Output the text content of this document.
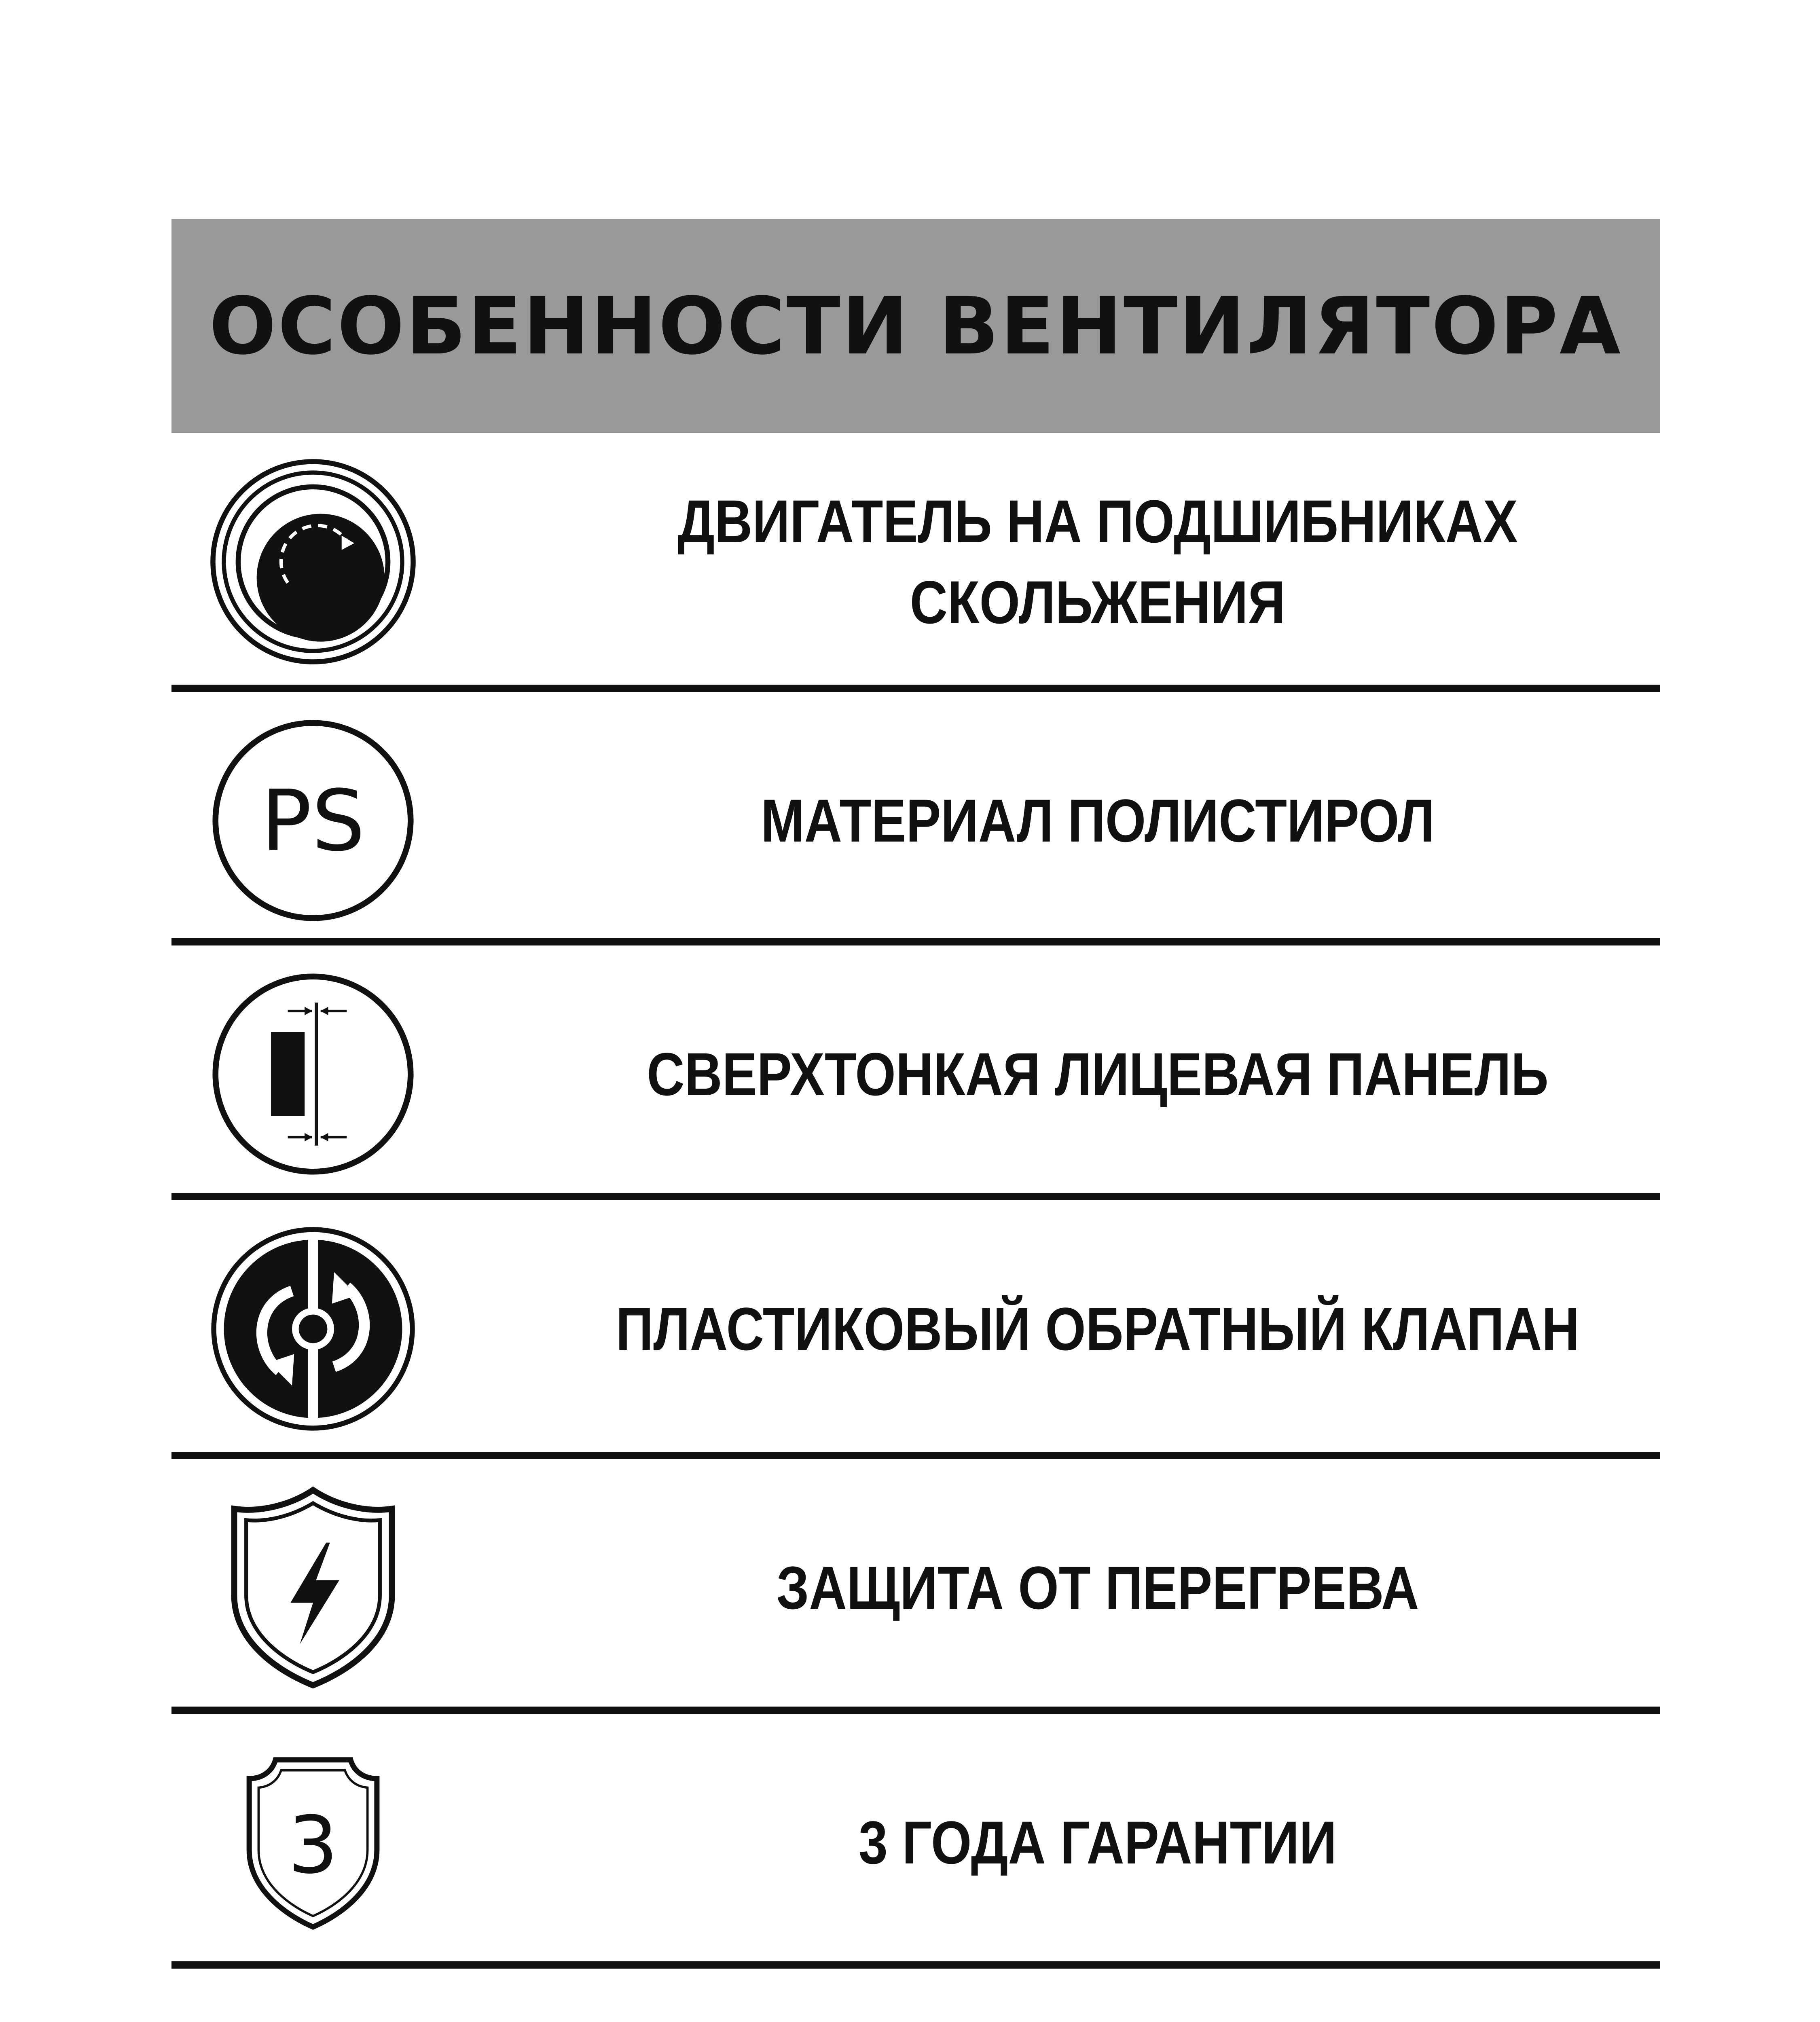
ОСОБЕННОСТИ ВЕНТИЛЯТОРА
ДВИГАТЕЛЬ НА ПОДШИБНИКАХ
СКОЛЬЖЕНИЯ
PS	МАТЕРИАЛ ПОЛИСТИРОЛ
СВЕРХТОНКАЯ ЛИЦЕВАЯ ПАНЕЛЬ
ПЛАСТИКОВЫЙ ОБРАТНЫЙ КЛАПАН
ЗАЩИТА ОТ ПЕРЕГРЕВА
3	3 ГОДА ГАРАНТИИ
